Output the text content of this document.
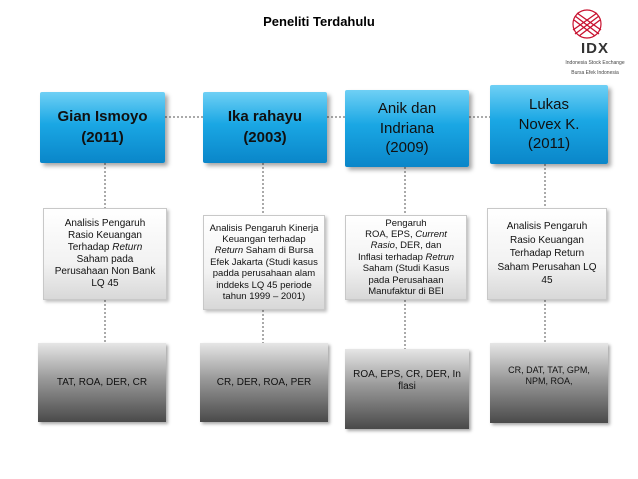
Peneliti Terdahulu
IDX
Indonesia Stock Exchange
Bursa Efek Indonesia
Gian Ismoyo
(2011)
Analisis Pengaruh
Rasio Keuangan
Terhadap Return
Saham pada
Perusahaan Non Bank
LQ 45
TAT, ROA, DER, CR
Ika rahayu
(2003)
Analisis Pengaruh Kinerja
Keuangan terhadap
Return Saham di Bursa
Efek Jakarta (Studi kasus
padda perusahaan alam
inddeks LQ 45 periode
tahun 1999 – 2001)
CR, DER, ROA, PER
Anik dan Indriana
(2009)
Pengaruh
ROA, EPS, Current
Rasio, DER, dan
Inflasi terhadap Retrun
Saham (Studi Kasus
pada Perusahaan
Manufaktur di BEI
ROA, EPS, CR, DER, In flasi
Lukas Novex K.
(2011)
Analisis Pengaruh
Rasio Keuangan
Terhadap Return
Saham Perusahan LQ
45
CR, DAT, TAT, GPM, NPM, ROA,
